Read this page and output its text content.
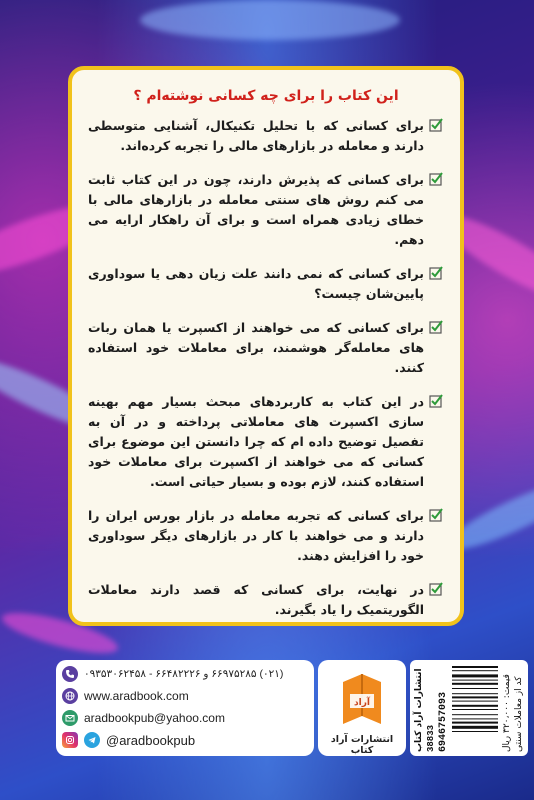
این کتاب را برای چه کسانی نوشته‌ام ؟
برای کسانی که با تحلیل تکنیکال، آشنایی متوسطی دارند و معامله در بازارهای مالی را تجربه کرده‌اند.
برای کسانی که پذیرش دارند، چون در این کتاب ثابت می کنم روش های سنتی معامله در بازارهای مالی با خطای زیادی همراه است و برای آن راهکار ارایه می دهم.
برای کسانی که نمی دانند علت زیان دهی یا سوداوری پایین‌شان چیست؟
برای کسانی که می خواهند از اکسپرت یا همان ربات های معامله‌گر هوشمند، برای معاملات خود استفاده کنند.
در این کتاب به کاربردهای مبحث بسیار مهم بهینه سازی اکسپرت های معاملاتی پرداخته و در آن به تفصیل توضیح داده ام که چرا دانستن این موضوع برای کسانی که می خواهند از اکسپرت برای معاملات خود استفاده کنند، لازم بوده و بسیار حیاتی است.
برای کسانی که تجربه معامله در بازار بورس ایران را دارند و می خواهند با کار در بازارهای دیگر سوداوری خود را افزایش دهند.
در نهایت، برای کسانی که قصد دارند معاملات الگوریتمیک را یاد بگیرند.
(۰۲۱) ۶۶۹۷۵۲۸۵ و ۶۶۴۸۲۲۲۶ - ۰۹۳۵۳۰۶۲۴۵۸
www.aradbook.com
aradbookpub@yahoo.com
@aradbookpub
آراد
انتشارات آراد کتاب	انتشارات آراد کتاب 38833 6946757093	قیمت: ۳۲۰،۰۰۰ ریال کد از معاملات سنتی
